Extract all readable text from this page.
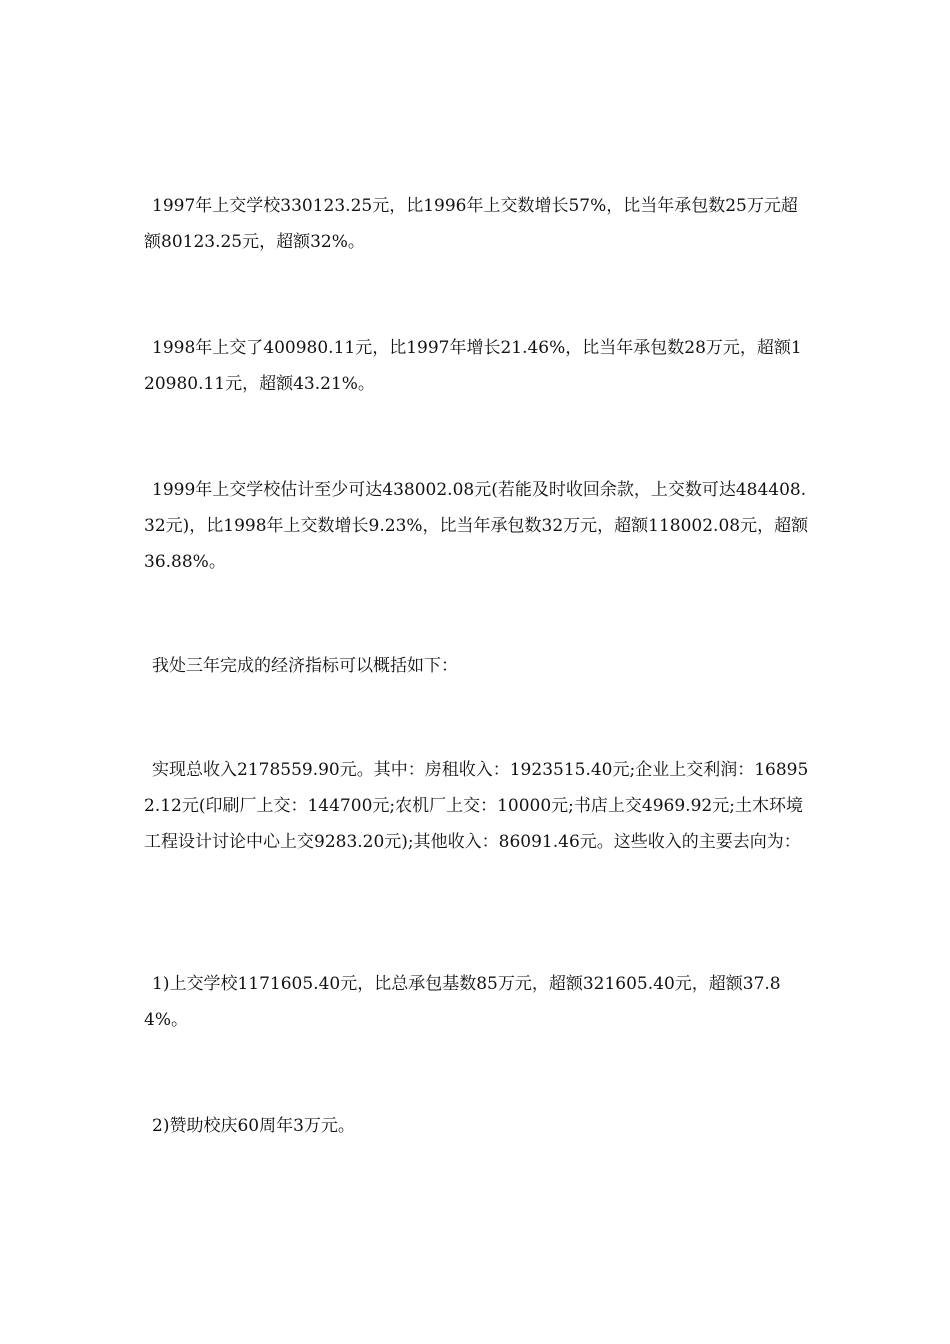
1997年上交学校330123.25元，比1996年上交数增长57%，比当年承包数25万元超额80123.25元，超额32%。

1998年上交了400980.11元，比1997年增长21.46%，比当年承包数28万元，超额120980.11元，超额43.21%。

1999年上交学校估计至少可达438002.08元(若能及时收回余款，上交数可达484408.32元)，比1998年上交数增长9.23%，比当年承包数32万元，超额118002.08元，超额36.88%。

我处三年完成的经济指标可以概括如下：

实现总收入2178559.90元。其中：房租收入：1923515.40元;企业上交利润：168952.12元(印刷厂上交：144700元;农机厂上交：10000元;书店上交4969.92元;土木环境工程设计讨论中心上交9283.20元);其他收入：86091.46元。这些收入的主要去向为：

1)上交学校1171605.40元，比总承包基数85万元，超额321605.40元，超额37.84%。

2)赞助校庆60周年3万元。
